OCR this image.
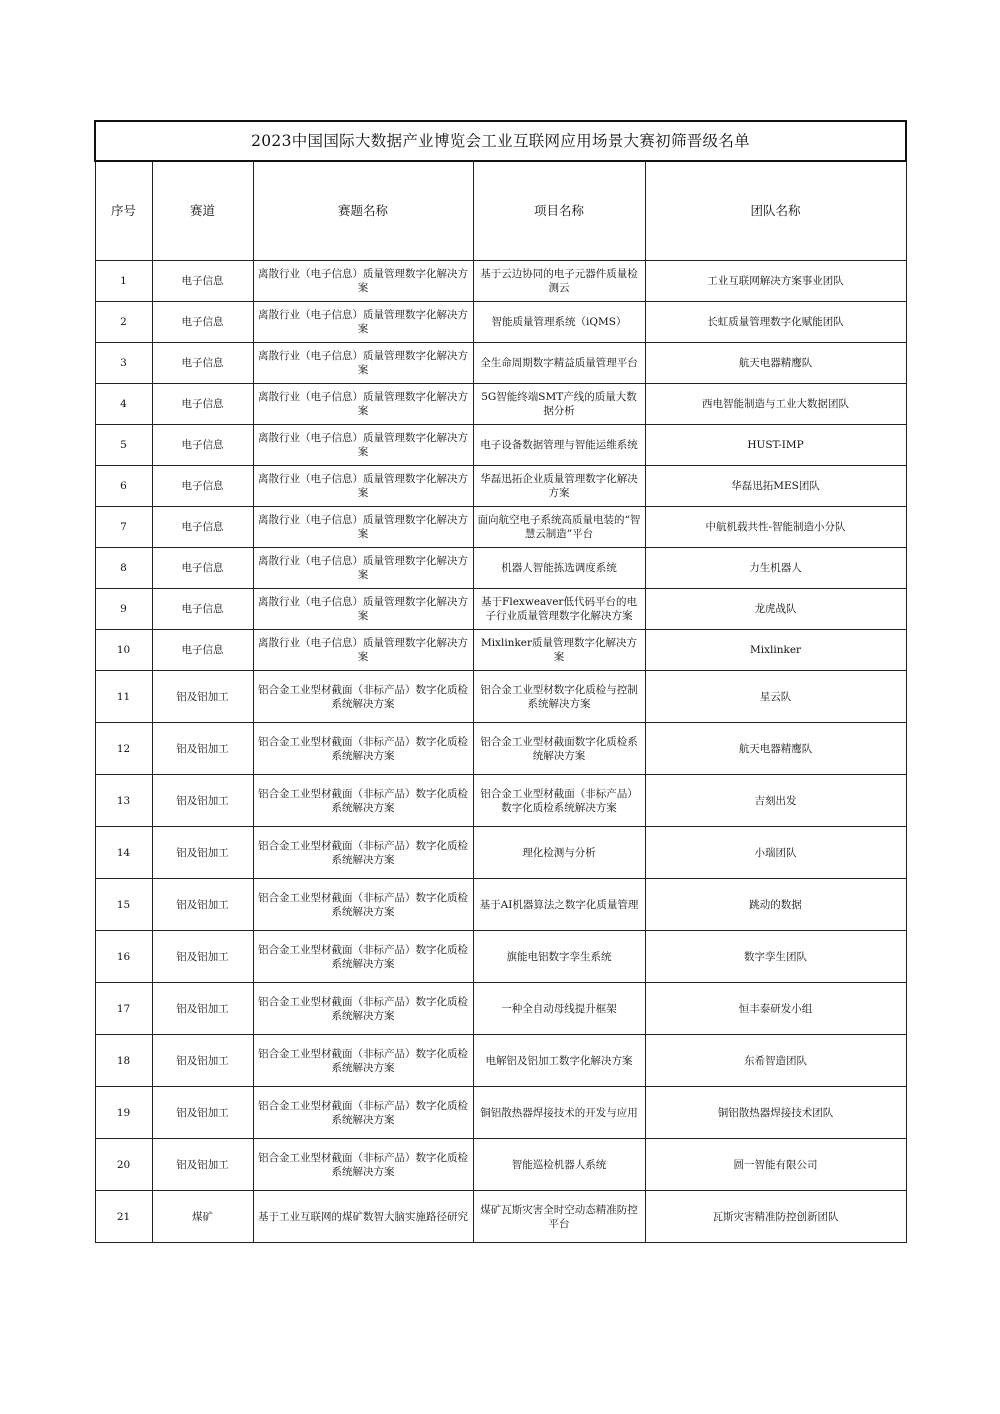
2023中国国际大数据产业博览会工业互联网应用场景大赛初筛晋级名单				
序号	赛道	赛题名称	项目名称	团队名称
1	电子信息	离散行业（电子信息）质量管理数字化解决方案	基于云边协同的电子元器件质量检测云	工业互联网解决方案事业团队
2	电子信息	离散行业（电子信息）质量管理数字化解决方案	智能质量管理系统（iQMS）	长虹质量管理数字化赋能团队
3	电子信息	离散行业（电子信息）质量管理数字化解决方案	全生命周期数字精益质量管理平台	航天电器精鹰队
4	电子信息	离散行业（电子信息）质量管理数字化解决方案	5G智能终端SMT产线的质量大数据分析	西电智能制造与工业大数据团队
5	电子信息	离散行业（电子信息）质量管理数字化解决方案	电子设备数据管理与智能运维系统	HUST-IMP
6	电子信息	离散行业（电子信息）质量管理数字化解决方案	华磊迅拓企业质量管理数字化解决方案	华磊迅拓MES团队
7	电子信息	离散行业（电子信息）质量管理数字化解决方案	面向航空电子系统高质量电装的“智慧云制造”平台	中航机载共性-智能制造小分队
8	电子信息	离散行业（电子信息）质量管理数字化解决方案	机器人智能拣选调度系统	力生机器人
9	电子信息	离散行业（电子信息）质量管理数字化解决方案	基于Flexweaver低代码平台的电子行业质量管理数字化解决方案	龙虎战队
10	电子信息	离散行业（电子信息）质量管理数字化解决方案	Mixlinker质量管理数字化解决方案	Mixlinker
11	铝及铝加工	铝合金工业型材截面（非标产品）数字化质检系统解决方案	铝合金工业型材数字化质检与控制系统解决方案	星云队
12	铝及铝加工	铝合金工业型材截面（非标产品）数字化质检系统解决方案	铝合金工业型材截面数字化质检系统解决方案	航天电器精鹰队
13	铝及铝加工	铝合金工业型材截面（非标产品）数字化质检系统解决方案	铝合金工业型材截面（非标产品）数字化质检系统解决方案	吉刻出发
14	铝及铝加工	铝合金工业型材截面（非标产品）数字化质检系统解决方案	理化检测与分析	小瑞团队
15	铝及铝加工	铝合金工业型材截面（非标产品）数字化质检系统解决方案	基于AI机器算法之数字化质量管理	跳动的数据
16	铝及铝加工	铝合金工业型材截面（非标产品）数字化质检系统解决方案	旗能电铝数字孪生系统	数字孪生团队
17	铝及铝加工	铝合金工业型材截面（非标产品）数字化质检系统解决方案	一种全自动母线提升框架	恒丰泰研发小组
18	铝及铝加工	铝合金工业型材截面（非标产品）数字化质检系统解决方案	电解铝及铝加工数字化解决方案	东希智造团队
19	铝及铝加工	铝合金工业型材截面（非标产品）数字化质检系统解决方案	铜铝散热器焊接技术的开发与应用	铜铝散热器焊接技术团队
20	铝及铝加工	铝合金工业型材截面（非标产品）数字化质检系统解决方案	智能巡检机器人系统	圆一智能有限公司
21	煤矿	基于工业互联网的煤矿数智大脑实施路径研究	煤矿瓦斯灾害全时空动态精准防控平台	瓦斯灾害精准防控创新团队
